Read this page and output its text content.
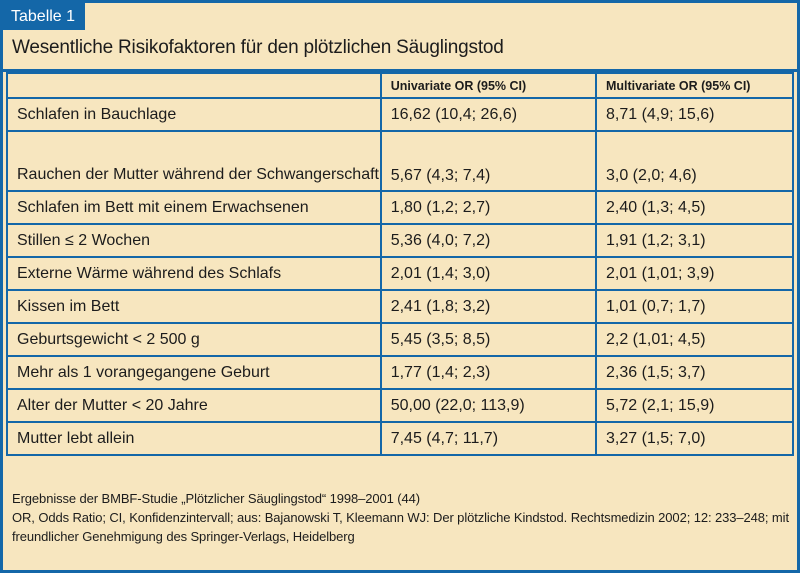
Tabelle 1
Wesentliche Risikofaktoren für den plötzlichen Säuglingstod
	Univariate OR (95% CI)	Multivariate OR (95% CI)
Schlafen in Bauchlage	16,62 (10,4; 26,6)	8,71 (4,9; 15,6)
Rauchen der Mutter während der Schwangerschaft	5,67 (4,3; 7,4)	3,0 (2,0; 4,6)
Schlafen im Bett mit einem Erwachsenen	1,80 (1,2; 2,7)	2,40 (1,3; 4,5)
Stillen ≤ 2 Wochen	5,36 (4,0; 7,2)	1,91 (1,2; 3,1)
Externe Wärme während des Schlafs	2,01 (1,4; 3,0)	2,01 (1,01; 3,9)
Kissen im Bett	2,41 (1,8; 3,2)	1,01 (0,7; 1,7)
Geburtsgewicht < 2 500 g	5,45 (3,5; 8,5)	2,2 (1,01; 4,5)
Mehr als 1 vorangegangene Geburt	1,77 (1,4; 2,3)	2,36 (1,5; 3,7)
Alter der Mutter < 20 Jahre	50,00 (22,0; 113,9)	5,72 (2,1; 15,9)
Mutter lebt allein	7,45 (4,7; 11,7)	3,27 (1,5; 7,0)
Ergebnisse der BMBF-Studie „Plötzlicher Säuglingstod“ 1998–2001 (44)
OR, Odds Ratio; CI, Konfidenzintervall; aus: Bajanowski T, Kleemann WJ: Der plötzliche Kindstod. Rechtsmedizin 2002; 12: 233–248; mit freundlicher Genehmigung des Springer-Verlags, Heidelberg
